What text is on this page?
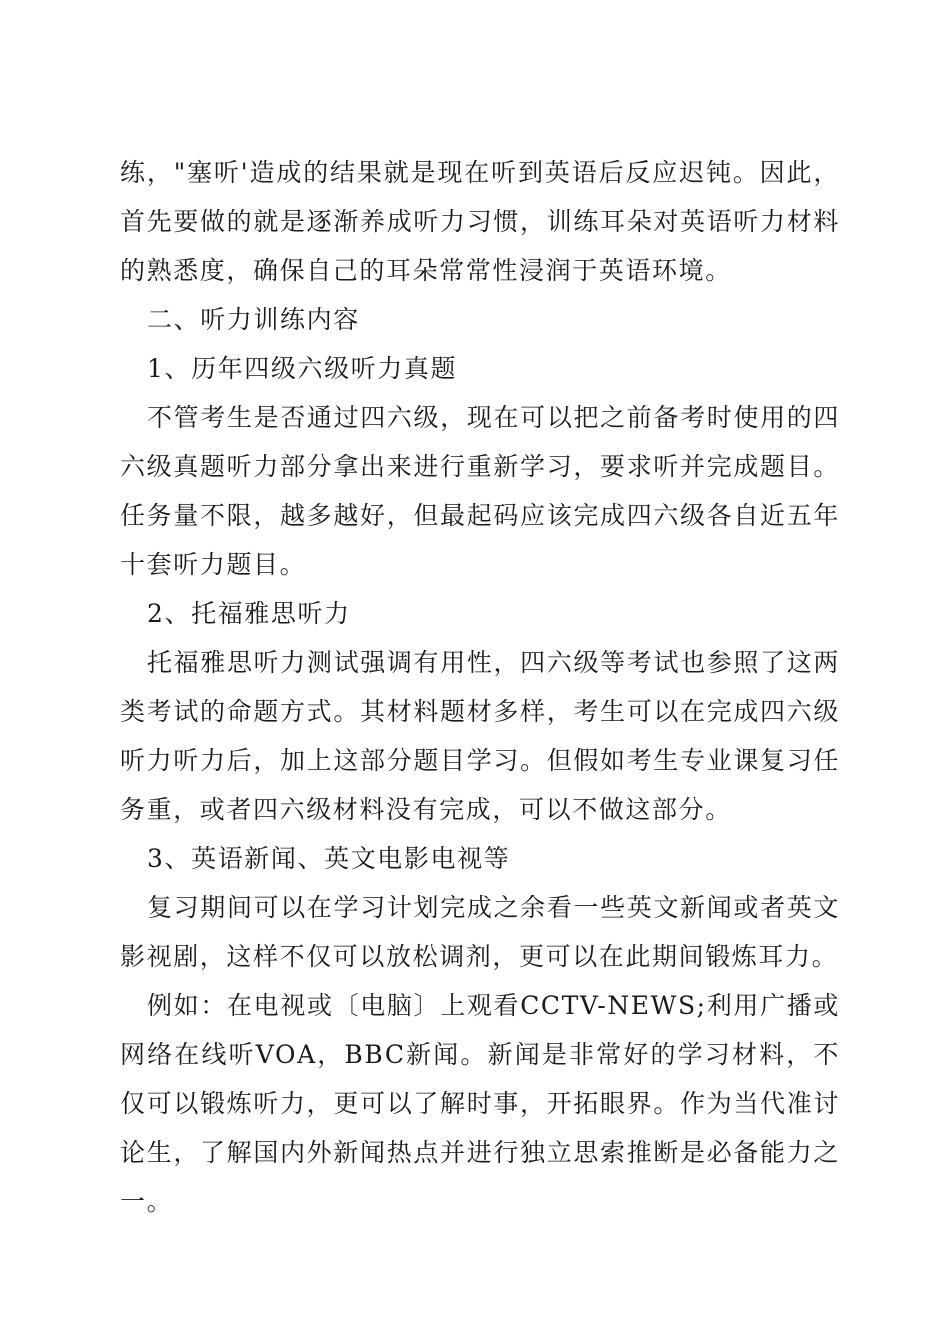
练，"塞听'造成的结果就是现在听到英语后反应迟钝。因此，首先要做的就是逐渐养成听力习惯，训练耳朵对英语听力材料的熟悉度，确保自己的耳朵常常性浸润于英语环境。

二、听力训练内容

1、历年四级六级听力真题

不管考生是否通过四六级，现在可以把之前备考时使用的四六级真题听力部分拿出来进行重新学习，要求听并完成题目。任务量不限，越多越好，但最起码应该完成四六级各自近五年十套听力题目。

2、托福雅思听力

托福雅思听力测试强调有用性，四六级等考试也参照了这两类考试的命题方式。其材料题材多样，考生可以在完成四六级听力听力后，加上这部分题目学习。但假如考生专业课复习任务重，或者四六级材料没有完成，可以不做这部分。

3、英语新闻、英文电影电视等

复习期间可以在学习计划完成之余看一些英文新闻或者英文影视剧，这样不仅可以放松调剂，更可以在此期间锻炼耳力。

例如：在电视或〔电脑〕上观看CCTV-NEWS;利用广播或网络在线听VOA，BBC新闻。新闻是非常好的学习材料，不仅可以锻炼听力，更可以了解时事，开拓眼界。作为当代准讨论生，了解国内外新闻热点并进行独立思索推断是必备能力之一。
